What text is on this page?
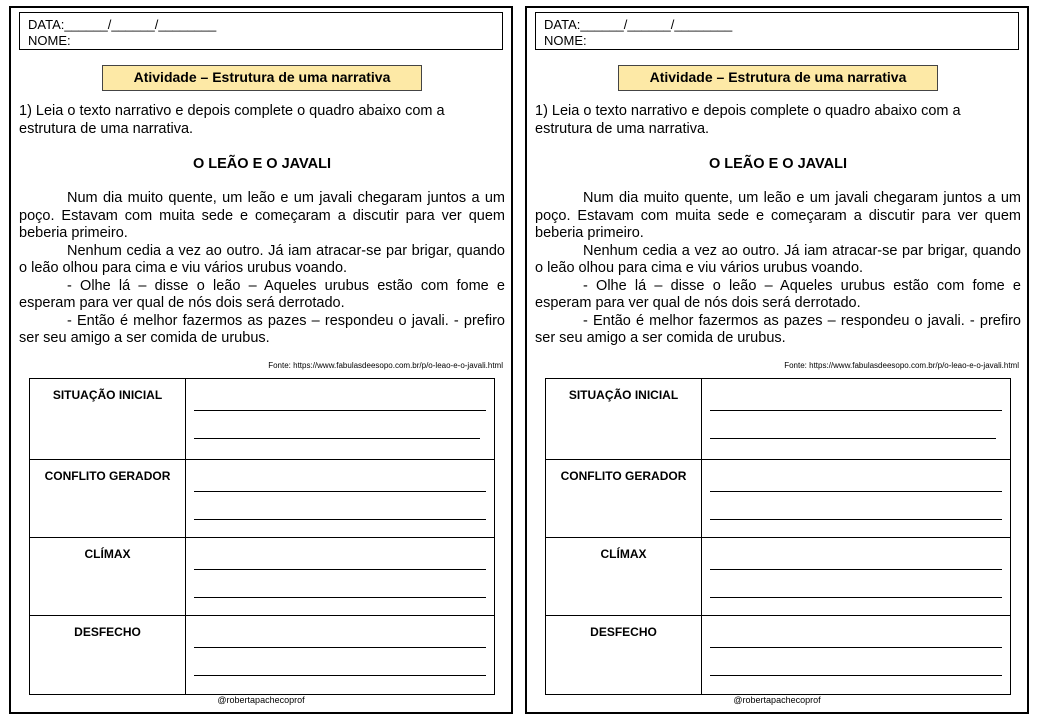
DATA:______/______/________
NOME:
Atividade – Estrutura de uma narrativa
1) Leia o texto narrativo e depois complete o quadro abaixo com a estrutura de uma narrativa.
O LEÃO E O JAVALI

Num dia muito quente, um leão e um javali chegaram juntos a um poço. Estavam com muita sede e começaram a discutir para ver quem beberia primeiro.

Nenhum cedia a vez ao outro. Já iam atracar-se par brigar, quando o leão olhou para cima e viu vários urubus voando.

- Olhe lá – disse o leão – Aqueles urubus estão com fome e esperam para ver qual de nós dois será derrotado.

- Então é melhor fazermos as pazes – respondeu o javali. - prefiro ser seu amigo a ser comida de urubus.

Fonte: https://www.fabulasdeesopo.com.br/p/o-leao-e-o-javali.html
SITUAÇÃO INICIAL	

CONFLITO GERADOR	

CLÍMAX	

DESFECHO	
@robertapachecoprof
DATA:______/______/________
NOME:
Atividade – Estrutura de uma narrativa
1) Leia o texto narrativo e depois complete o quadro abaixo com a estrutura de uma narrativa.
O LEÃO E O JAVALI

Num dia muito quente, um leão e um javali chegaram juntos a um poço. Estavam com muita sede e começaram a discutir para ver quem beberia primeiro.

Nenhum cedia a vez ao outro. Já iam atracar-se par brigar, quando o leão olhou para cima e viu vários urubus voando.

- Olhe lá – disse o leão – Aqueles urubus estão com fome e esperam para ver qual de nós dois será derrotado.

- Então é melhor fazermos as pazes – respondeu o javali. - prefiro ser seu amigo a ser comida de urubus.

Fonte: https://www.fabulasdeesopo.com.br/p/o-leao-e-o-javali.html
SITUAÇÃO INICIAL	

CONFLITO GERADOR	

CLÍMAX	

DESFECHO	
@robertapachecoprof
